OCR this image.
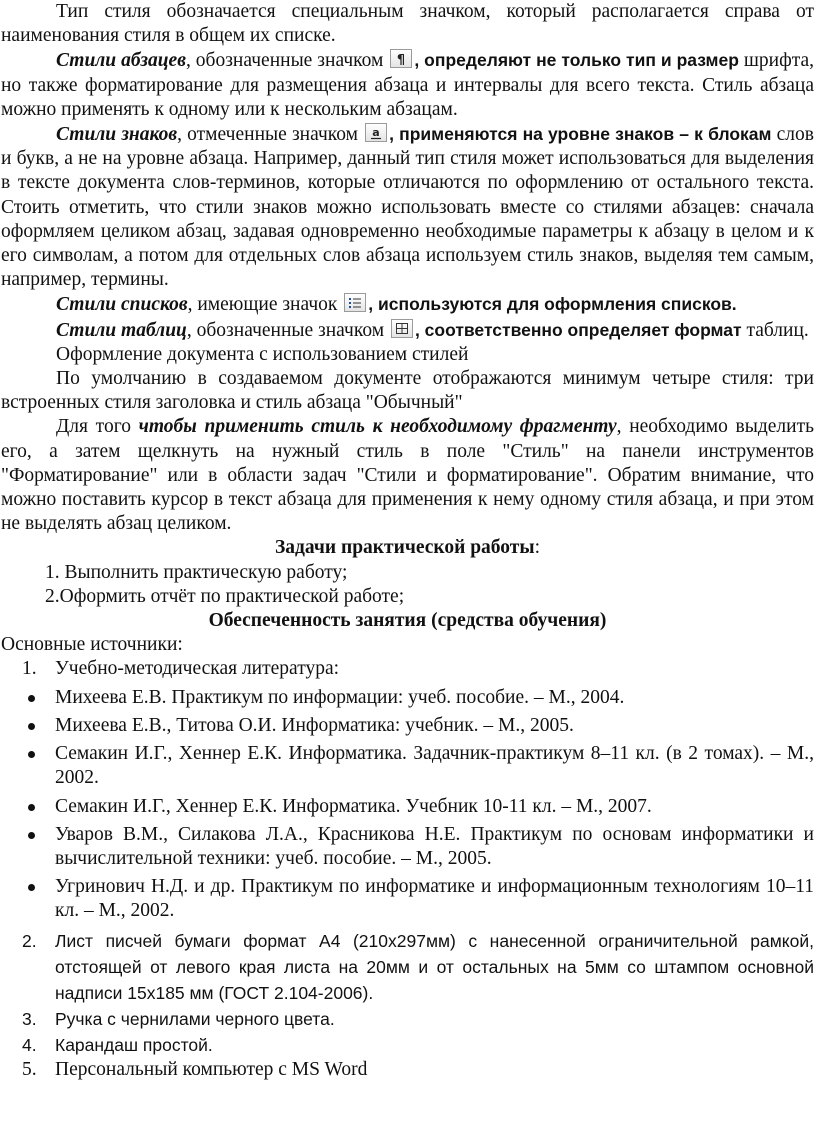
Тип стиля обозначается специальным значком, который располагается справа от наименования стиля в общем их списке.

Стили абзацев, обозначенные значком ¶ , определяют не только тип и размер шрифта, но также форматирование для размещения абзаца и интервалы для всего текста. Стиль абзаца можно применять к одному или к нескольким абзацам.

Стили знаков, отмеченные значком a , применяются на уровне знаков – к блокам слов и букв, а не на уровне абзаца. Например, данный тип стиля может использоваться для выделения в тексте документа слов-терминов, которые отличаются по оформлению от остального текста. Стоить отметить, что стили знаков можно использовать вместе со стилями абзацев: сначала оформляем целиком абзац, задавая одновременно необходимые параметры к абзацу в целом и к его символам, а потом для отдельных слов абзаца используем стиль знаков, выделяя тем самым, например, термины.

Стили списков, имеющие значок , используются для оформления списков.

Стили таблиц, обозначенные значком , соответственно определяет формат таблиц.

Оформление документа с использованием стилей

По умолчанию в создаваемом документе отображаются минимум четыре стиля: три встроенных стиля заголовка и стиль абзаца "Обычный"

Для того чтобы применить стиль к необходимому фрагменту, необходимо выделить его, а затем щелкнуть на нужный стиль в поле "Стиль" на панели инструментов "Форматирование" или в области задач "Стили и форматирование". Обратим внимание, что можно поставить курсор в текст абзаца для применения к нему одному стиля абзаца, и при этом не выделять абзац целиком.

Задачи практической работы:

1. Выполнить практическую работу;
2.Оформить отчёт по практической работе;

Обеспеченность занятия (средства обучения)

Основные источники:

1. Учебно-методическая литература:
Михеева Е.В. Практикум по информации: учеб. пособие. – М., 2004.
Михеева Е.В., Титова О.И. Информатика: учебник. – М., 2005.
Семакин И.Г., Хеннер Е.К. Информатика. Задачник-практикум 8–11 кл. (в 2 томах). – М., 2002.
Семакин И.Г., Хеннер Е.К. Информатика. Учебник 10-11 кл. – М., 2007.
Уваров В.М., Силакова Л.А., Красникова Н.Е. Практикум по основам информатики и вычислительной техники: учеб. пособие. – М., 2005.
Угринович Н.Д. и др. Практикум по информатике и информационным технологиям 10–11 кл. – М., 2002.
2. Лист писчей бумаги формат А4 (210х297мм) с нанесенной ограничительной рамкой, отстоящей от левого края листа на 20мм и от остальных на 5мм со штампом основной надписи 15х185 мм (ГОСТ 2.104-2006).
3. Ручка с чернилами черного цвета.
4. Карандаш простой.
5. Персональный компьютер с MS Word
